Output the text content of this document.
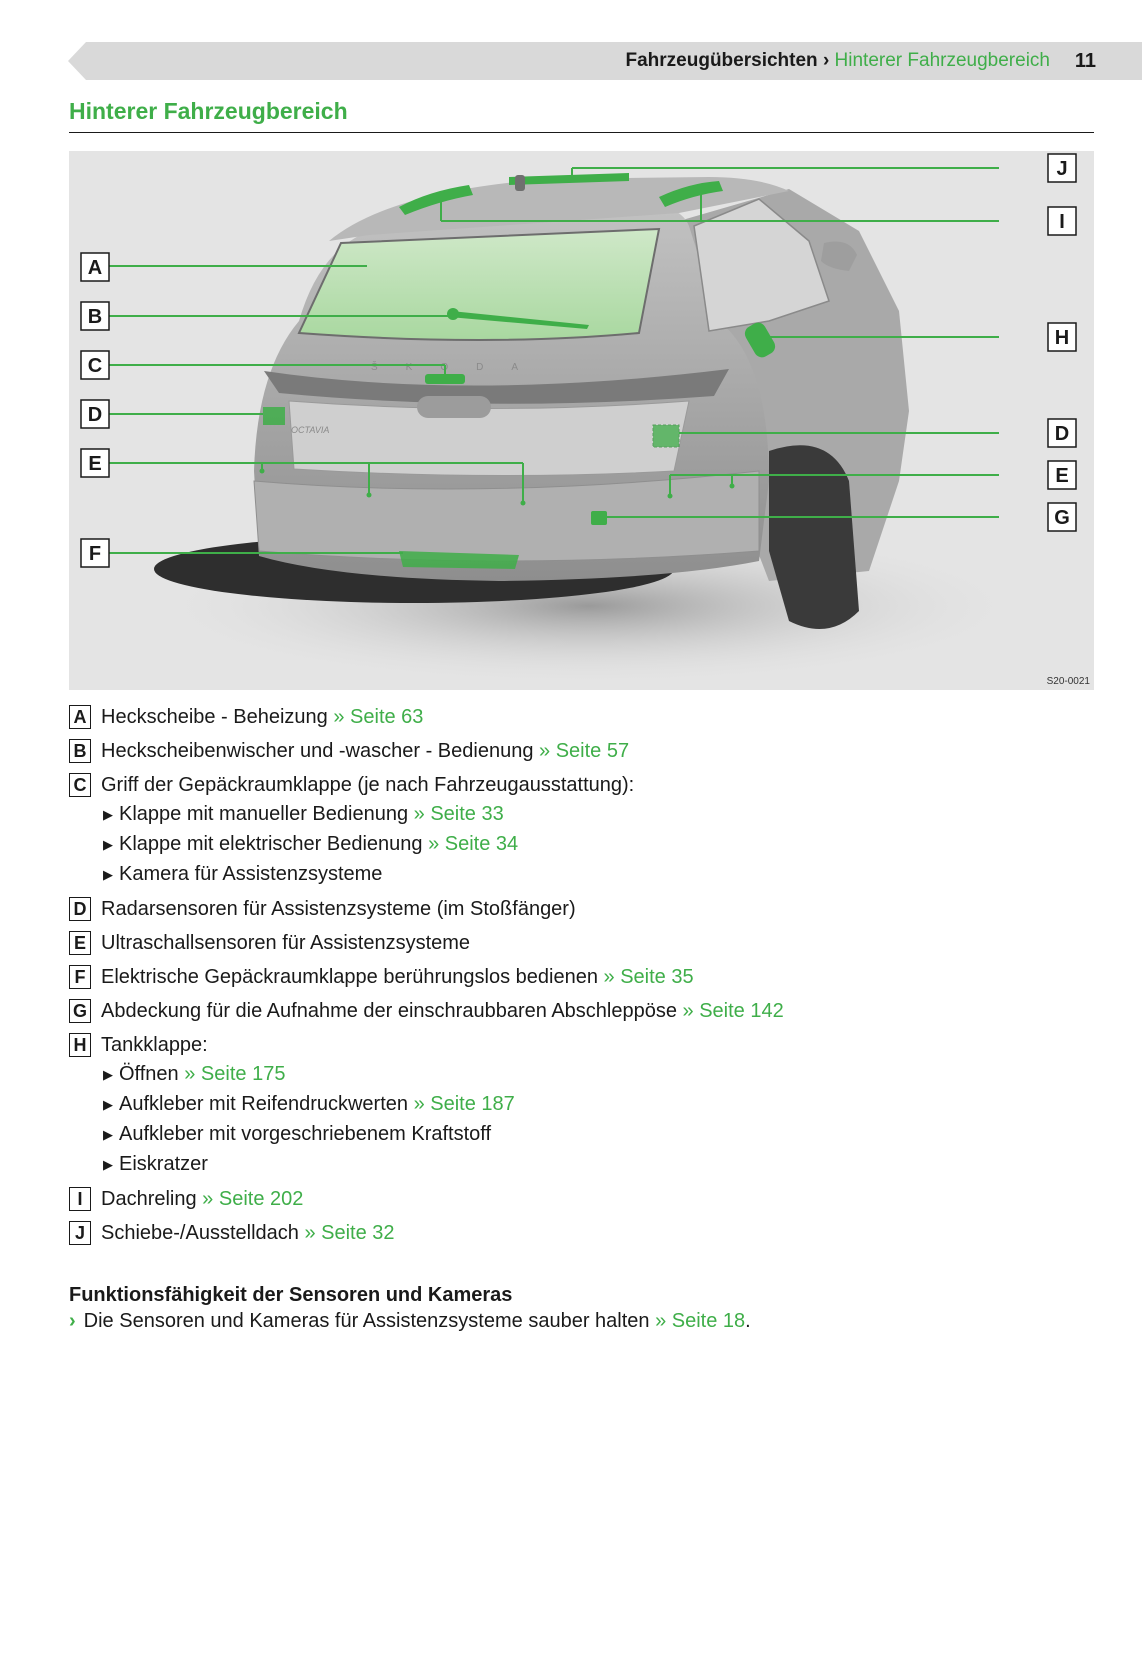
Fahrzeugübersichten › Hinterer Fahrzeugbereich 11
Hinterer Fahrzeugbereich
ŠKODA
OCTAVIA
A
B
C
D
E
F
J
I
H
D
E
G
S20-0021
A Heckscheibe - Beheizung » Seite 63
B Heckscheibenwischer und -wascher - Bedienung » Seite 57
C Griff der Gepäckraumklappe (je nach Fahrzeugausstattung):
▶ Klappe mit manueller Bedienung » Seite 33
▶ Klappe mit elektrischer Bedienung » Seite 34
▶ Kamera für Assistenzsysteme
D Radarsensoren für Assistenzsysteme (im Stoßfänger)
E Ultraschallsensoren für Assistenzsysteme
F Elektrische Gepäckraumklappe berührungslos bedienen » Seite 35
G Abdeckung für die Aufnahme der einschraubbaren Abschleppöse » Seite 142
H Tankklappe:
▶ Öffnen » Seite 175
▶ Aufkleber mit Reifendruckwerten » Seite 187
▶ Aufkleber mit vorgeschriebenem Kraftstoff
▶ Eiskratzer
I Dachreling » Seite 202
J Schiebe-/Ausstelldach » Seite 32
Funktionsfähigkeit der Sensoren und Kameras
› Die Sensoren und Kameras für Assistenzsysteme sauber halten » Seite 18.
